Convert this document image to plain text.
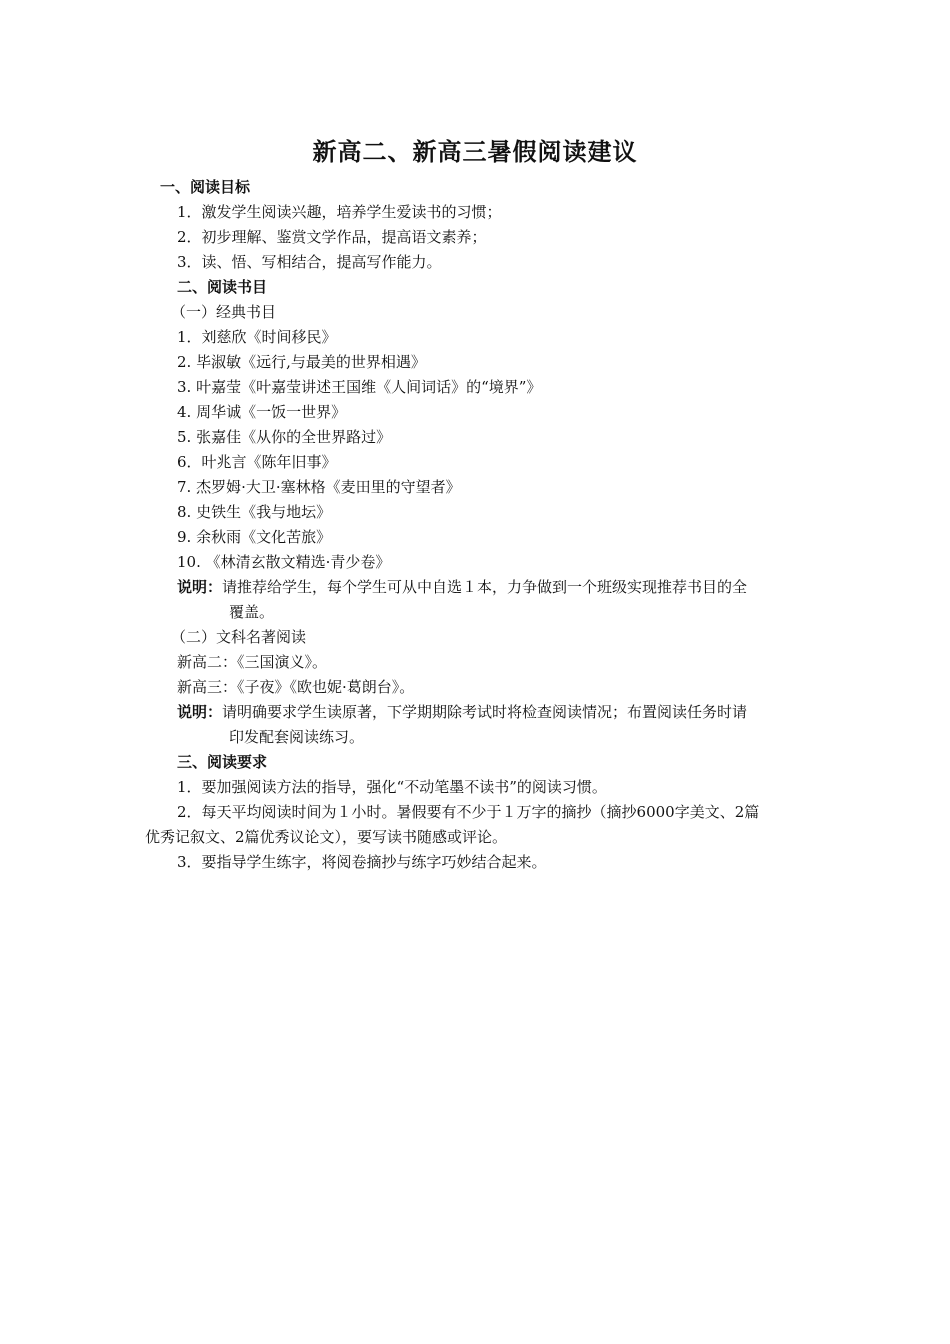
新高二、新高三暑假阅读建议
一、阅读目标
1．激发学生阅读兴趣，培养学生爱读书的习惯；
2．初步理解、鉴赏文学作品，提高语文素养；
3．读、悟、写相结合，提高写作能力。
二、阅读书目
（一）经典书目
1．刘慈欣《时间移民》
2. 毕淑敏《远行,与最美的世界相遇》
3. 叶嘉莹《叶嘉莹讲述王国维《人间词话》的“境界”》
4. 周华诚《一饭一世界》
5. 张嘉佳《从你的全世界路过》
6．叶兆言《陈年旧事》
7. 杰罗姆·大卫·塞林格《麦田里的守望者》
8. 史铁生《我与地坛》
9. 余秋雨《文化苦旅》
10. 《林清玄散文精选·青少卷》
说明：请推荐给学生，每个学生可从中自选１本，力争做到一个班级实现推荐书目的全
覆盖。
（二）文科名著阅读
新高二：《三国演义》。
新高三：《子夜》《欧也妮·葛朗台》。
说明：请明确要求学生读原著，下学期期除考试时将检查阅读情况；布置阅读任务时请
印发配套阅读练习。
三、阅读要求
1．要加强阅读方法的指导，强化“不动笔墨不读书”的阅读习惯。
2．每天平均阅读时间为１小时。暑假要有不少于１万字的摘抄（摘抄6000字美文、2篇
优秀记叙文、2篇优秀议论文），要写读书随感或评论。
3．要指导学生练字，将阅卷摘抄与练字巧妙结合起来。
